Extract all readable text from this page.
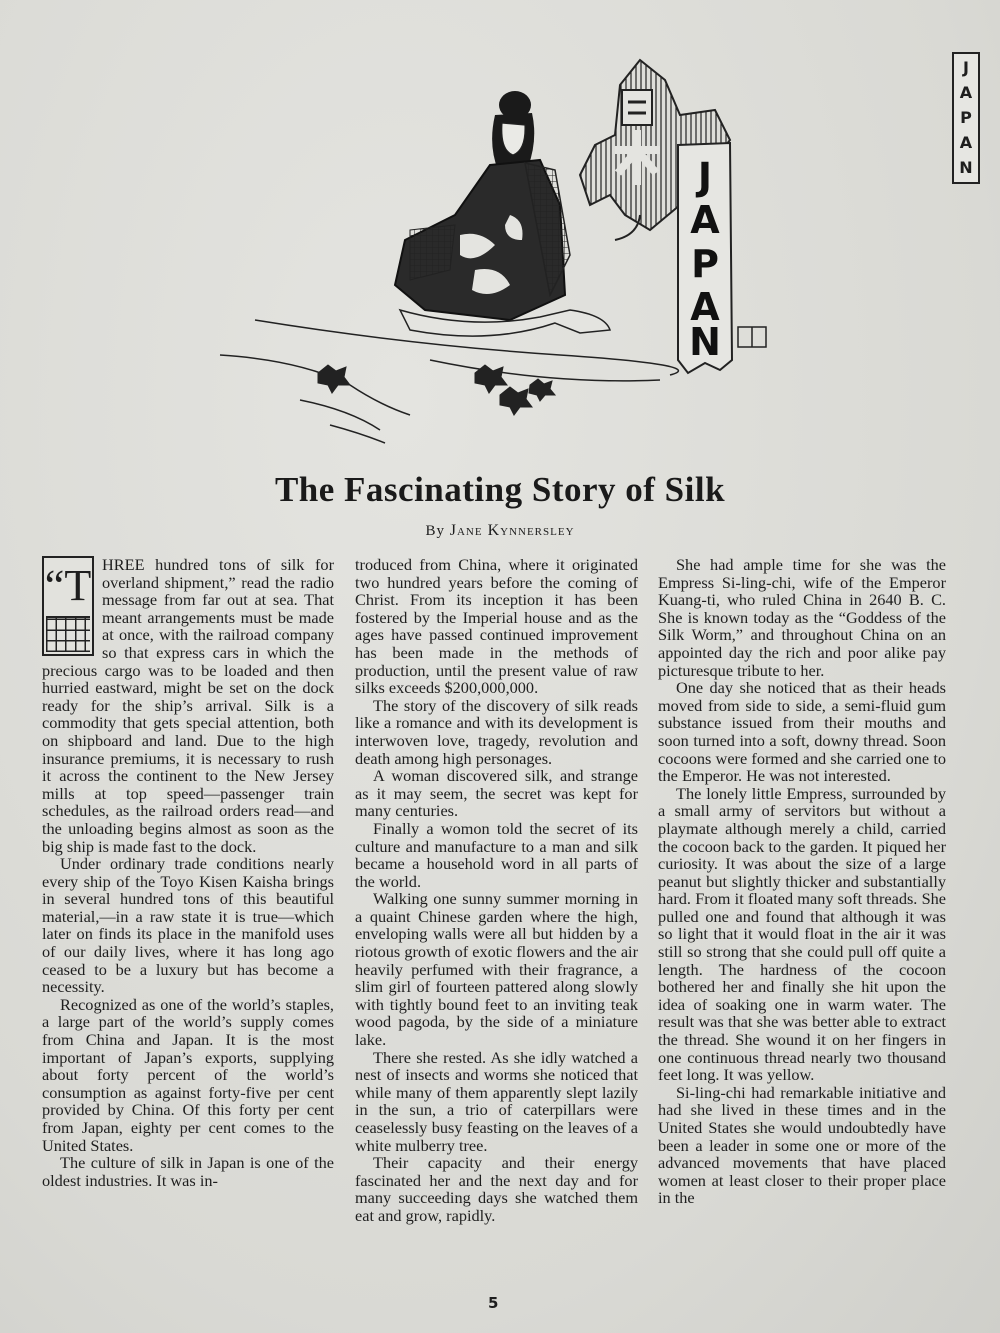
J
A
P
A
N
J
A
P
A
N
The Fascinating Story of Silk
By Jane Kynnersley
“T HREE hundred tons of silk for overland shipment,” read the radio message from far out at sea. That meant arrangements must be made at once, with the railroad company so that express cars in which the precious cargo was to be loaded and then hurried eastward, might be set on the dock ready for the ship’s arrival. Silk is a commodity that gets special attention, both on shipboard and land. Due to the high insurance premiums, it is necessary to rush it across the continent to the New Jersey mills at top speed—passenger train schedules, as the railroad orders read—and the unloading begins almost as soon as the big ship is made fast to the dock.

Under ordinary trade conditions nearly every ship of the Toyo Kisen Kaisha brings in several hundred tons of this beautiful material,—in a raw state it is true—which later on finds its place in the manifold uses of our daily lives, where it has long ago ceased to be a luxury but has become a necessity.

Recognized as one of the world’s staples, a large part of the world’s supply comes from China and Japan. It is the most important of Japan’s exports, supplying about forty percent of the world’s consumption as against forty-five per cent provided by China. Of this forty per cent from Japan, eighty per cent comes to the United States.

The culture of silk in Japan is one of the oldest industries. It was in-

troduced from China, where it originated two hundred years before the coming of Christ. From its inception it has been fostered by the Imperial house and as the ages have passed continued improvement has been made in the methods of production, until the present value of raw silks exceeds $200,000,000.

The story of the discovery of silk reads like a romance and with its development is interwoven love, tragedy, revolution and death among high personages.

A woman discovered silk, and strange as it may seem, the secret was kept for many centuries.

Finally a womon told the secret of its culture and manufacture to a man and silk became a household word in all parts of the world.

Walking one sunny summer morning in a quaint Chinese garden where the high, enveloping walls were all but hidden by a riotous growth of exotic flowers and the air heavily perfumed with their fragrance, a slim girl of fourteen pattered along slowly with tightly bound feet to an inviting teak wood pagoda, by the side of a miniature lake.

There she rested. As she idly watched a nest of insects and worms she noticed that while many of them apparently slept lazily in the sun, a trio of caterpillars were ceaselessly busy feasting on the leaves of a white mulberry tree.

Their capacity and their energy fascinated her and the next day and for many succeeding days she watched them eat and grow, rapidly.

She had ample time for she was the Empress Si-ling-chi, wife of the Emperor Kuang-ti, who ruled China in 2640 B. C. She is known today as the “Goddess of the Silk Worm,” and throughout China on an appointed day the rich and poor alike pay picturesque tribute to her.

One day she noticed that as their heads moved from side to side, a semi-fluid gum substance issued from their mouths and soon turned into a soft, downy thread. Soon cocoons were formed and she carried one to the Emperor. He was not interested.

The lonely little Empress, surrounded by a small army of servitors but without a playmate although merely a child, carried the cocoon back to the garden. It piqued her curiosity. It was about the size of a large peanut but slightly thicker and substantially hard. From it floated many soft threads. She pulled one and found that although it was so light that it would float in the air it was still so strong that she could pull off quite a length. The hardness of the cocoon bothered her and finally she hit upon the idea of soaking one in warm water. The result was that she was better able to extract the thread. She wound it on her fingers in one continuous thread nearly two thousand feet long. It was yellow.

Si-ling-chi had remarkable initiative and had she lived in these times and in the United States she would undoubtedly have been a leader in some one or more of the advanced movements that have placed women at least closer to their proper place in the

5
